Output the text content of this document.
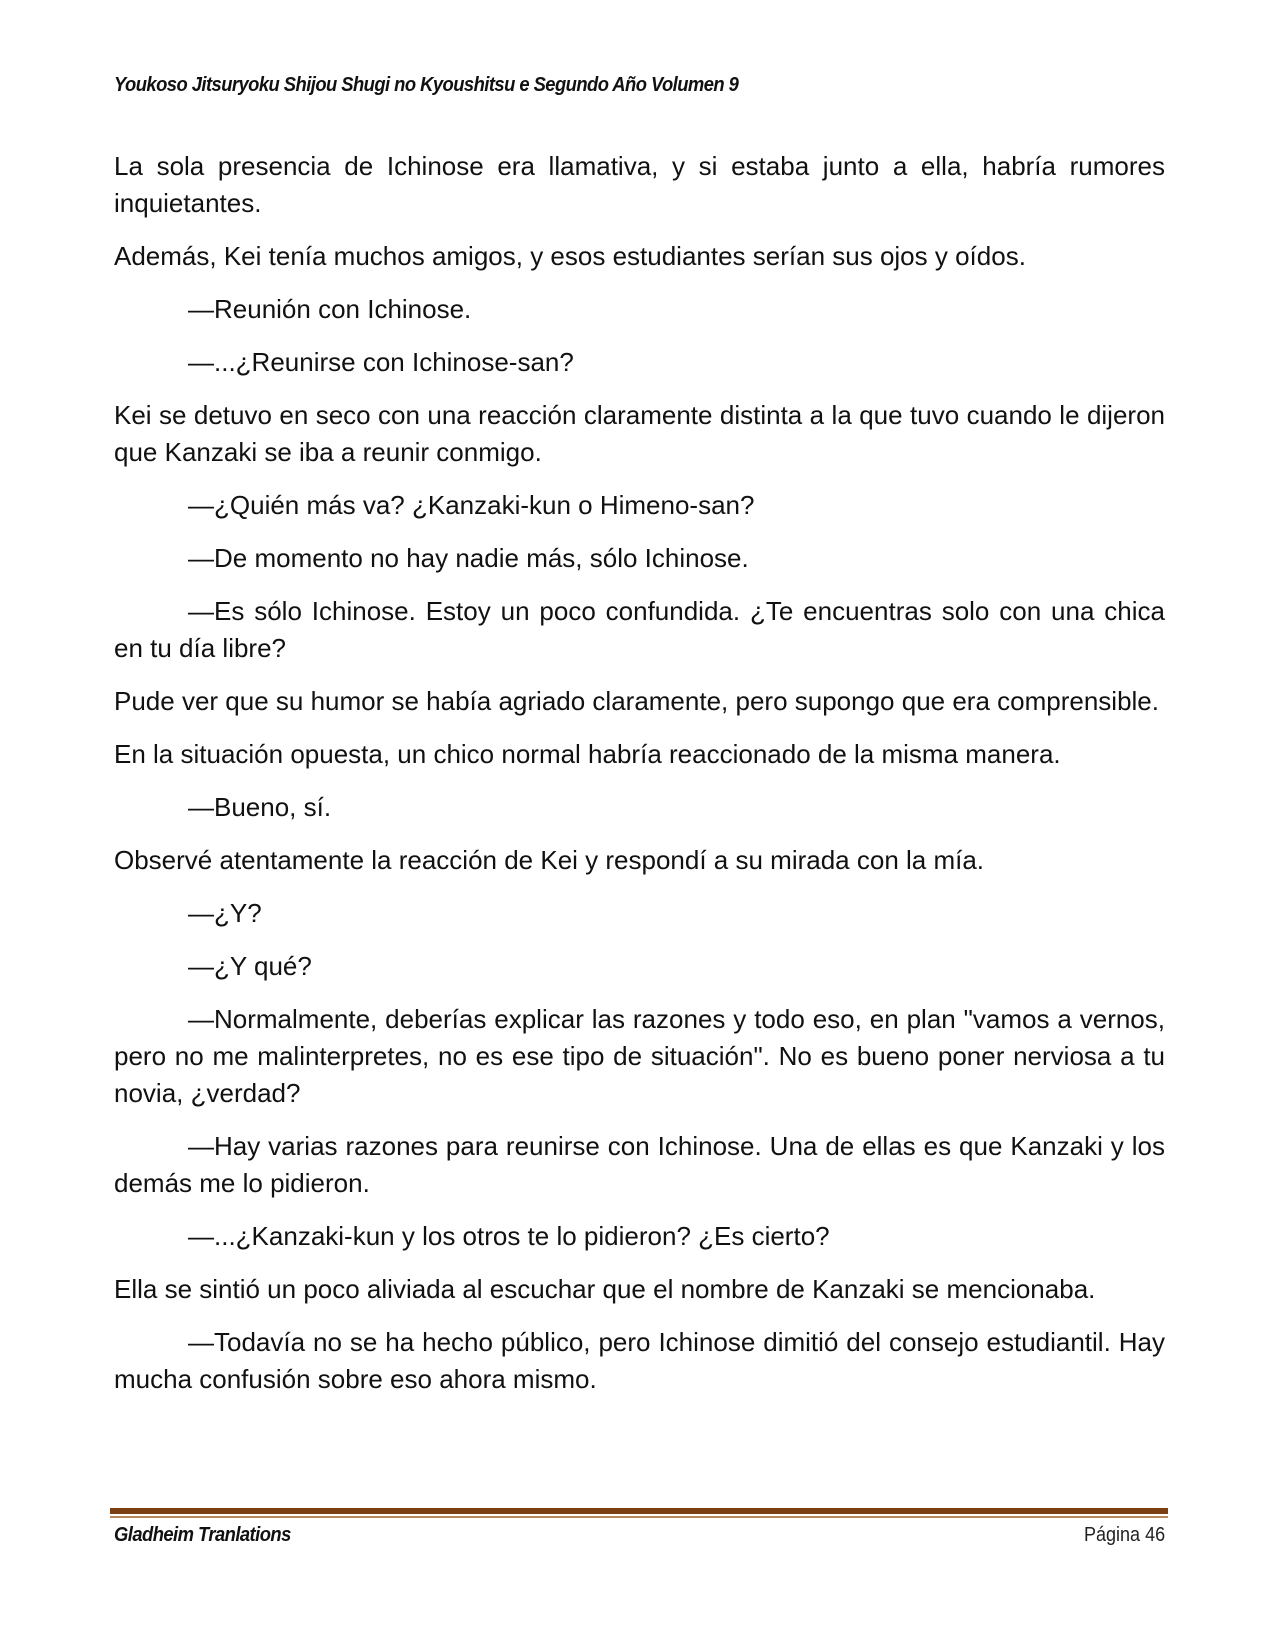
Youkoso Jitsuryoku Shijou Shugi no Kyoushitsu e Segundo Año Volumen 9

La sola presencia de Ichinose era llamativa, y si estaba junto a ella, habría rumores inquietantes.

Además, Kei tenía muchos amigos, y esos estudiantes serían sus ojos y oídos.

—Reunión con Ichinose.

—...¿Reunirse con Ichinose-san?

Kei se detuvo en seco con una reacción claramente distinta a la que tuvo cuando le dijeron que Kanzaki se iba a reunir conmigo.

—¿Quién más va? ¿Kanzaki-kun o Himeno-san?

—De momento no hay nadie más, sólo Ichinose.

—Es sólo Ichinose. Estoy un poco confundida. ¿Te encuentras solo con una chica en tu día libre?

Pude ver que su humor se había agriado claramente, pero supongo que era comprensible.

En la situación opuesta, un chico normal habría reaccionado de la misma manera.

—Bueno, sí.

Observé atentamente la reacción de Kei y respondí a su mirada con la mía.

—¿Y?

—¿Y qué?

—Normalmente, deberías explicar las razones y todo eso, en plan "vamos a vernos, pero no me malinterpretes, no es ese tipo de situación". No es bueno poner nerviosa a tu novia, ¿verdad?

—Hay varias razones para reunirse con Ichinose. Una de ellas es que Kanzaki y los demás me lo pidieron.

—...¿Kanzaki-kun y los otros te lo pidieron? ¿Es cierto?

Ella se sintió un poco aliviada al escuchar que el nombre de Kanzaki se mencionaba.

—Todavía no se ha hecho público, pero Ichinose dimitió del consejo estudiantil. Hay mucha confusión sobre eso ahora mismo.

Gladheim Tranlations	Página 46
